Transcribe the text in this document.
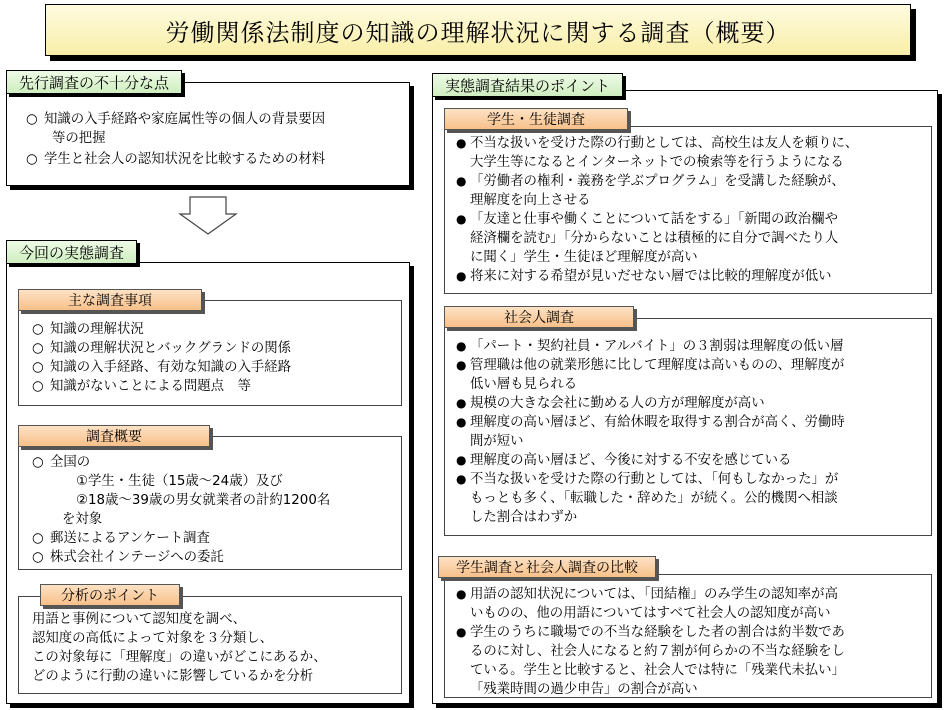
労働関係法制度の知識の理解状況に関する調査（概要）
先行調査の不十分な点
○ 知識の入手経路や家庭属性等の個人の背景要因
等の把握
○ 学生と社会人の認知状況を比較するための材料
今回の実態調査
主な調査事項
○ 知識の理解状況
○ 知識の理解状況とバックグランドの関係
○ 知識の入手経路、有効な知識の入手経路
○ 知識がないことによる問題点　等
調査概要
○ 全国の
①学生・生徒（15歳～24歳）及び
②18歳～39歳の男女就業者の計約1200名
を対象
○ 郵送によるアンケート調査
○ 株式会社インテージへの委託
分析のポイント
用語と事例について認知度を調べ、
認知度の高低によって対象を３分類し、
この対象毎に「理解度」の違いがどこにあるか、
どのように行動の違いに影響しているかを分析
実態調査結果のポイント
学生・生徒調査
● 不当な扱いを受けた際の行動としては、高校生は友人を頼りに、
大学生等になるとインターネットでの検索等を行うようになる
● 「労働者の権利・義務を学ぶプログラム」を受講した経験が、
理解度を向上させる
● 「友達と仕事や働くことについて話をする」「新聞の政治欄や
経済欄を読む」「分からないことは積極的に自分で調べたり人
に聞く」学生・生徒ほど理解度が高い
● 将来に対する希望が見いだせない層では比較的理解度が低い
社会人調査
● 「パート・契約社員・アルバイト」の３割弱は理解度の低い層
● 管理職は他の就業形態に比して理解度は高いものの、理解度が
低い層も見られる
● 規模の大きな会社に勤める人の方が理解度が高い
● 理解度の高い層ほど、有給休暇を取得する割合が高く、労働時
間が短い
● 理解度の高い層ほど、今後に対する不安を感じている
● 不当な扱いを受けた際の行動としては、「何もしなかった」が
もっとも多く、「転職した・辞めた」が続く。公的機関へ相談
した割合はわずか
学生調査と社会人調査の比較
● 用語の認知状況については、「団結権」のみ学生の認知率が高
いものの、他の用語についてはすべて社会人の認知度が高い
● 学生のうちに職場での不当な経験をした者の割合は約半数であ
るのに対し、社会人になると約７割が何らかの不当な経験をし
ている。学生と比較すると、社会人では特に「残業代未払い」
「残業時間の過少申告」の割合が高い
